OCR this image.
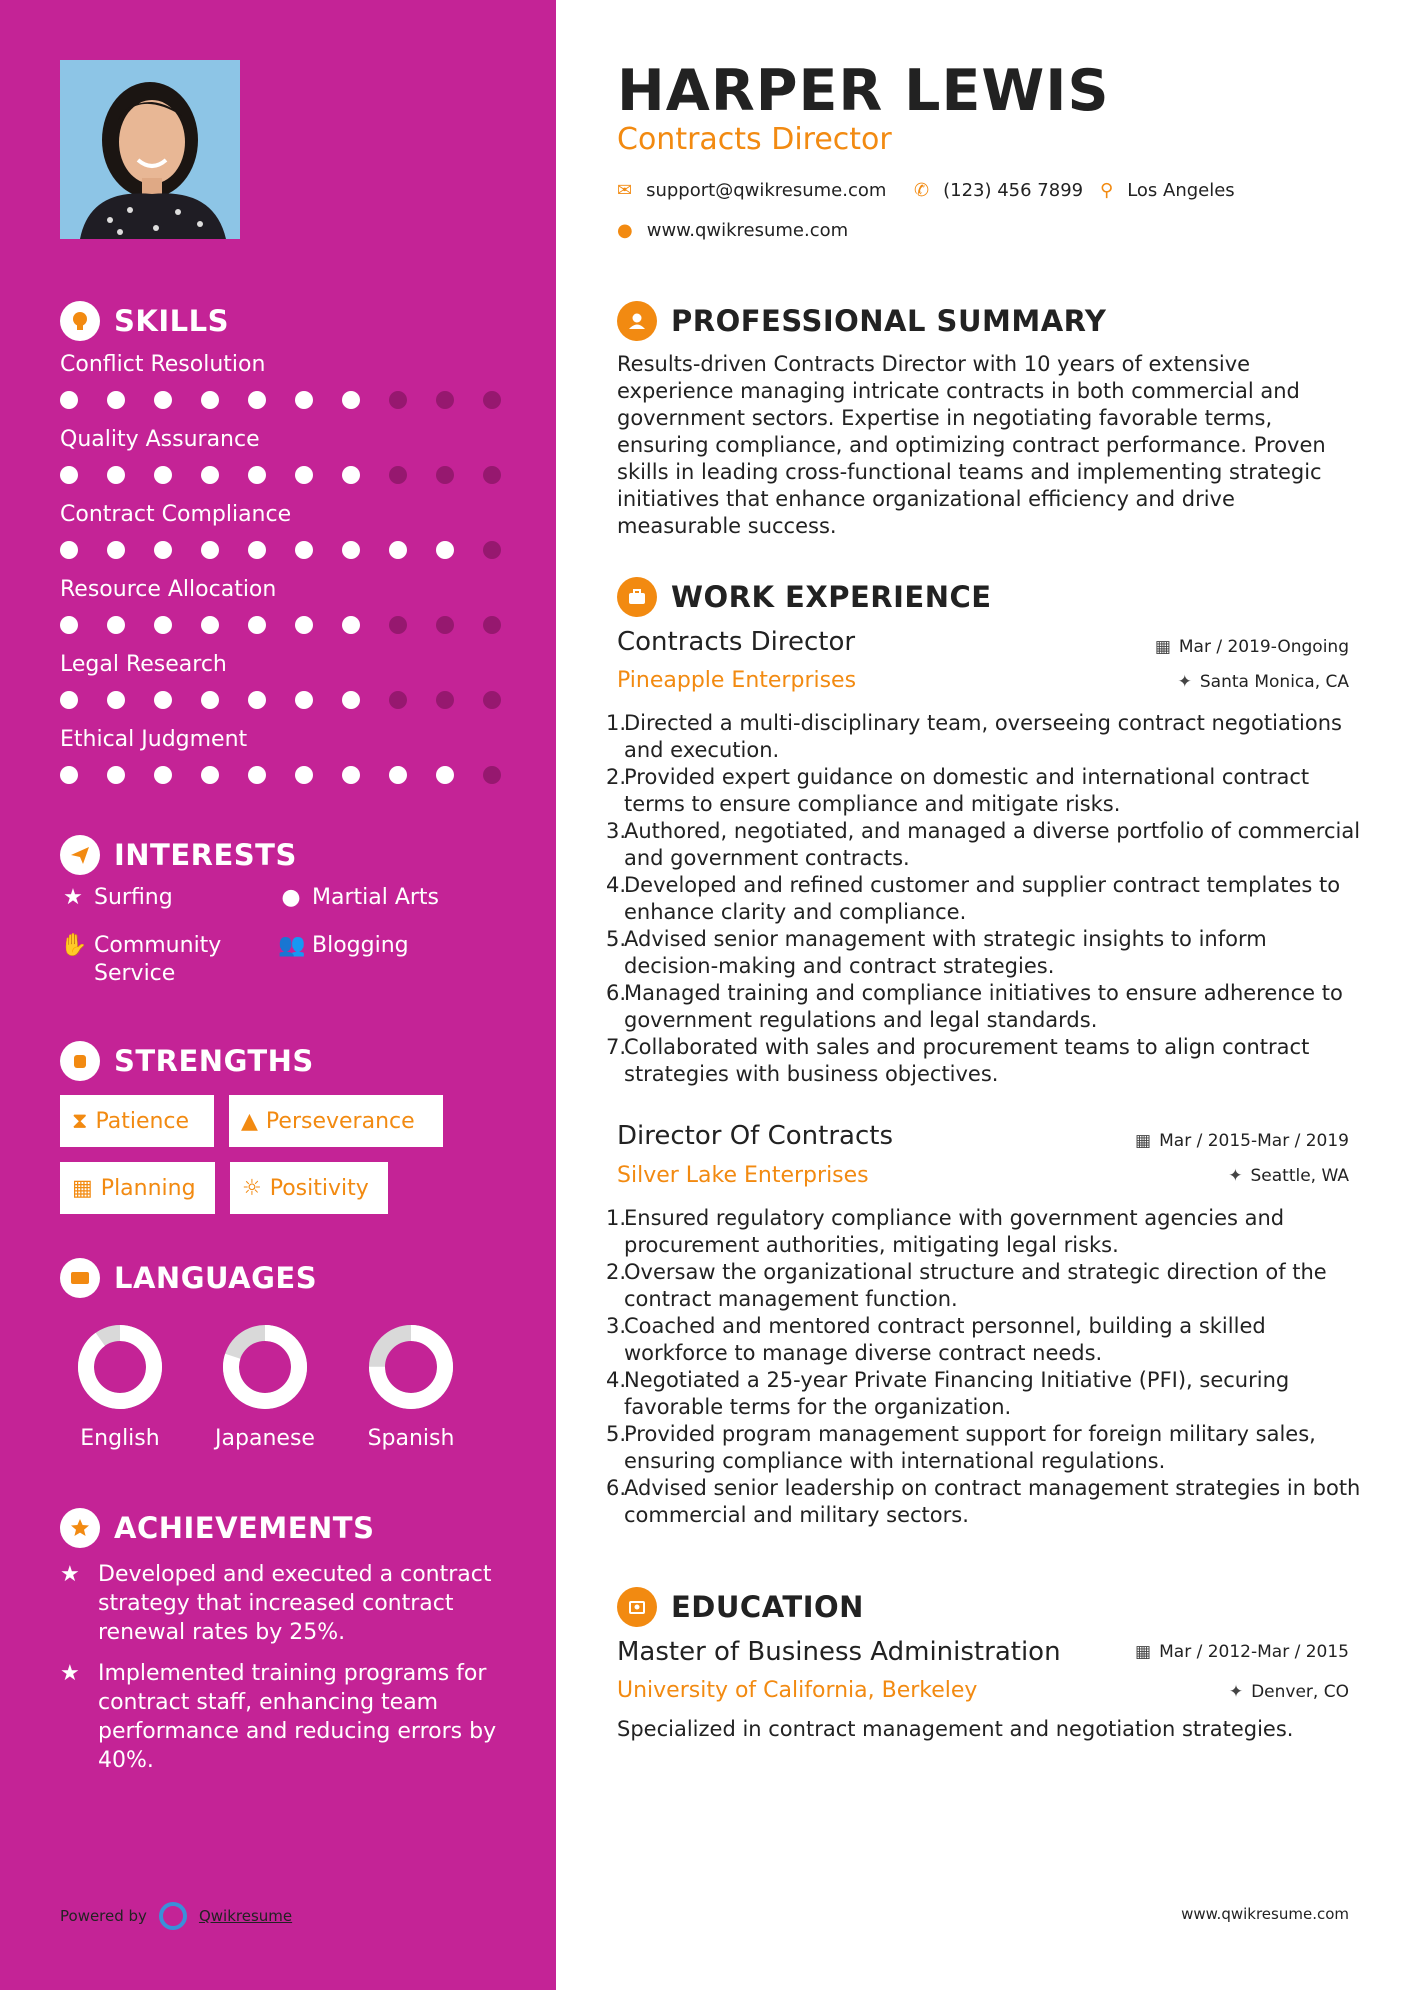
SKILLS
Conflict Resolution
Quality Assurance
Contract Compliance
Resource Allocation
Legal Research
Ethical Judgment
INTERESTS
★ Surfing	● Martial Arts
✋ Community Service
👥 Blogging
STRENGTHS
⧗ Patience ▲ Perseverance
▦ Planning ☼ Positivity
LANGUAGES
English	Japanese	Spanish
ACHIEVEMENTS
★ Developed and executed a contract strategy that increased contract renewal rates by 25%.
★ Implemented training programs for contract staff, enhancing team performance and reducing errors by 40%.
Powered by	Qwikresume
HARPER LEWIS
Contracts Director
✉ support@qwikresume.com ✆ (123) 456 7899 ⚲ Los Angeles
● www.qwikresume.com
PROFESSIONAL SUMMARY
Results-driven Contracts Director with 10 years of extensive experience managing intricate contracts in both commercial and government sectors. Expertise in negotiating favorable terms, ensuring compliance, and optimizing contract performance. Proven skills in leading cross-functional teams and implementing strategic initiatives that enhance organizational efficiency and drive measurable success.
WORK EXPERIENCE
Contracts Director	▦ Mar / 2019-Ongoing
Pineapple Enterprises	✦ Santa Monica, CA
1.
Directed a multi-disciplinary team, overseeing contract negotiations and execution.
2.
Provided expert guidance on domestic and international contract terms to ensure compliance and mitigate risks.
3.
Authored, negotiated, and managed a diverse portfolio of commercial and government contracts.
4.
Developed and refined customer and supplier contract templates to enhance clarity and compliance.
5.
Advised senior management with strategic insights to inform decision-making and contract strategies.
6.
Managed training and compliance initiatives to ensure adherence to government regulations and legal standards.
7.
Collaborated with sales and procurement teams to align contract strategies with business objectives.
Director Of Contracts	▦ Mar / 2015-Mar / 2019
Silver Lake Enterprises	✦ Seattle, WA
1.
Ensured regulatory compliance with government agencies and procurement authorities, mitigating legal risks.
2.
Oversaw the organizational structure and strategic direction of the contract management function.
3.
Coached and mentored contract personnel, building a skilled workforce to manage diverse contract needs.
4.
Negotiated a 25-year Private Financing Initiative (PFI), securing favorable terms for the organization.
5.
Provided program management support for foreign military sales, ensuring compliance with international regulations.
6.
Advised senior leadership on contract management strategies in both commercial and military sectors.
EDUCATION
Master of Business Administration	▦ Mar / 2012-Mar / 2015
University of California, Berkeley	✦ Denver, CO
Specialized in contract management and negotiation strategies.
www.qwikresume.com
